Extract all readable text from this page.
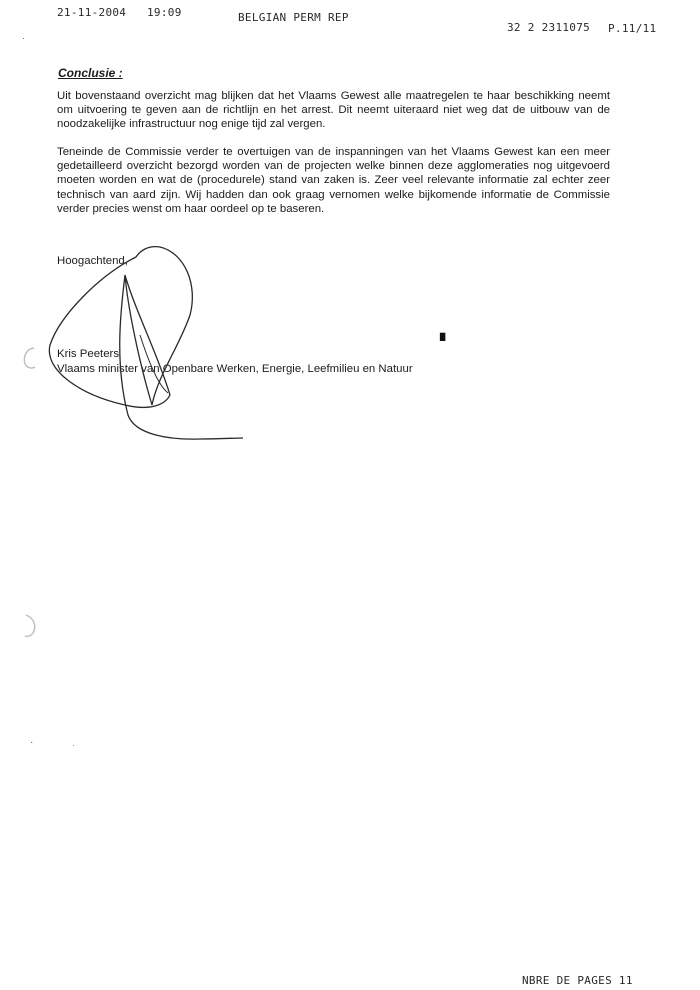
21-11-2004 19:09	BELGIAN PERM REP
32 2 2311075 P.11/11
Conclusie :
Uit bovenstaand overzicht mag blijken dat het Vlaams Gewest alle maatregelen te haar beschikking neemt om uitvoering te geven aan de richtlijn en het arrest. Dit neemt uiteraard niet weg dat de uitbouw van de noodzakelijke infrastructuur nog enige tijd zal vergen.
Teneinde de Commissie verder te overtuigen van de inspanningen van het Vlaams Gewest kan een meer gedetailleerd overzicht bezorgd worden van de projecten welke binnen deze agglomeraties nog uitgevoerd moeten worden en wat de (procedurele) stand van zaken is. Zeer veel relevante informatie zal echter zeer technisch van aard zijn. Wij hadden dan ook graag vernomen welke bijkomende informatie de Commissie verder precies wenst om haar oordeel op te baseren.
Hoogachtend,
Kris Peeters
Vlaams minister van Openbare Werken, Energie, Leefmilieu en Natuur
▘
·
·	·
NBRE DE PAGES 11
